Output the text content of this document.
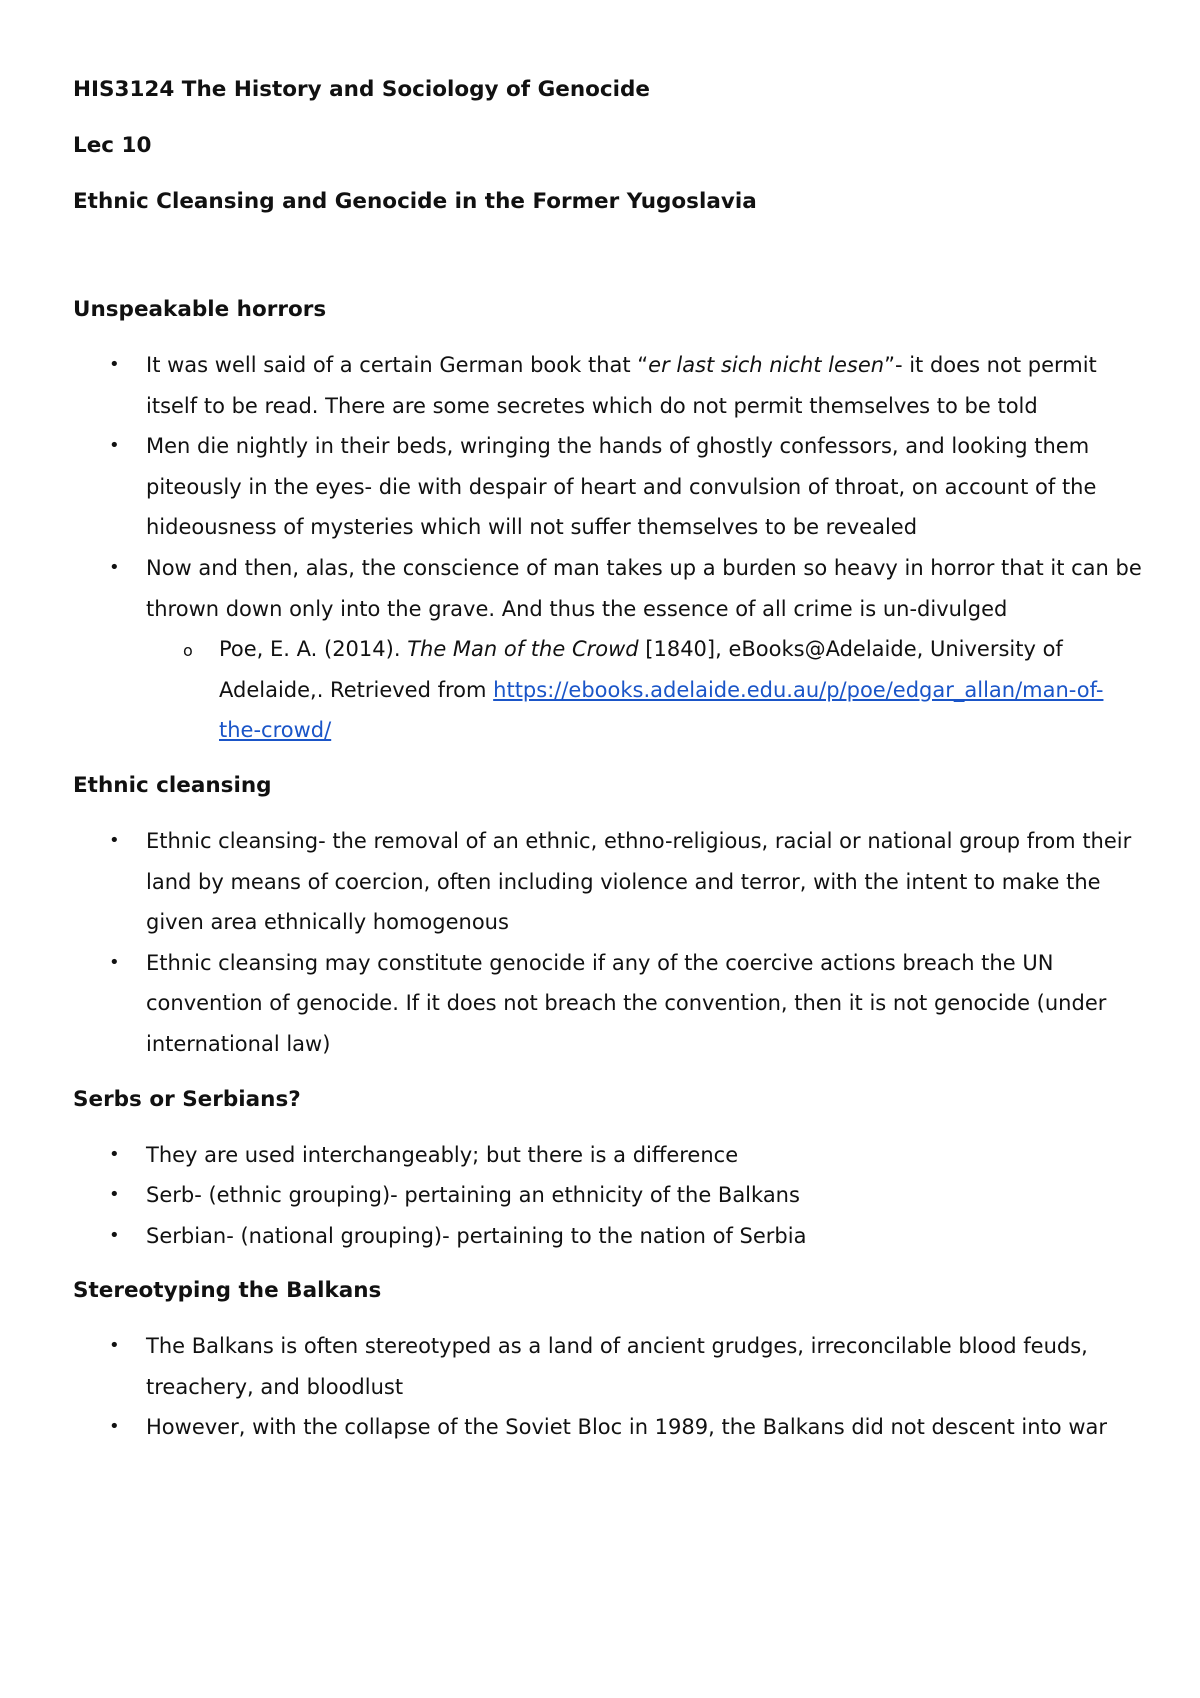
HIS3124 The History and Sociology of Genocide

Lec 10

Ethnic Cleansing and Genocide in the Former Yugoslavia

Unspeakable horrors

• It was well said of a certain German book that “er last sich nicht lesen”- it does not permit itself to be read. There are some secretes which do not permit themselves to be told
• Men die nightly in their beds, wringing the hands of ghostly confessors, and looking them piteously in the eyes- die with despair of heart and convulsion of throat, on account of the hideousness of mysteries which will not suffer themselves to be revealed
• Now and then, alas, the conscience of man takes up a burden so heavy in horror that it can be thrown down only into the grave. And thus the essence of all crime is un-divulged
o Poe, E. A. (2014). The Man of the Crowd [1840], eBooks@Adelaide, University of Adelaide,. Retrieved from https://ebooks.adelaide.edu.au/p/poe/edgar_allan/man-of-the-crowd/

Ethnic cleansing

• Ethnic cleansing- the removal of an ethnic, ethno-religious, racial or national group from their land by means of coercion, often including violence and terror, with the intent to make the given area ethnically homogenous
• Ethnic cleansing may constitute genocide if any of the coercive actions breach the UN convention of genocide. If it does not breach the convention, then it is not genocide (under international law)

Serbs or Serbians?

• They are used interchangeably; but there is a difference
• Serb- (ethnic grouping)- pertaining an ethnicity of the Balkans
• Serbian- (national grouping)- pertaining to the nation of Serbia

Stereotyping the Balkans

• The Balkans is often stereotyped as a land of ancient grudges, irreconcilable blood feuds, treachery, and bloodlust
• However, with the collapse of the Soviet Bloc in 1989, the Balkans did not descent into war
